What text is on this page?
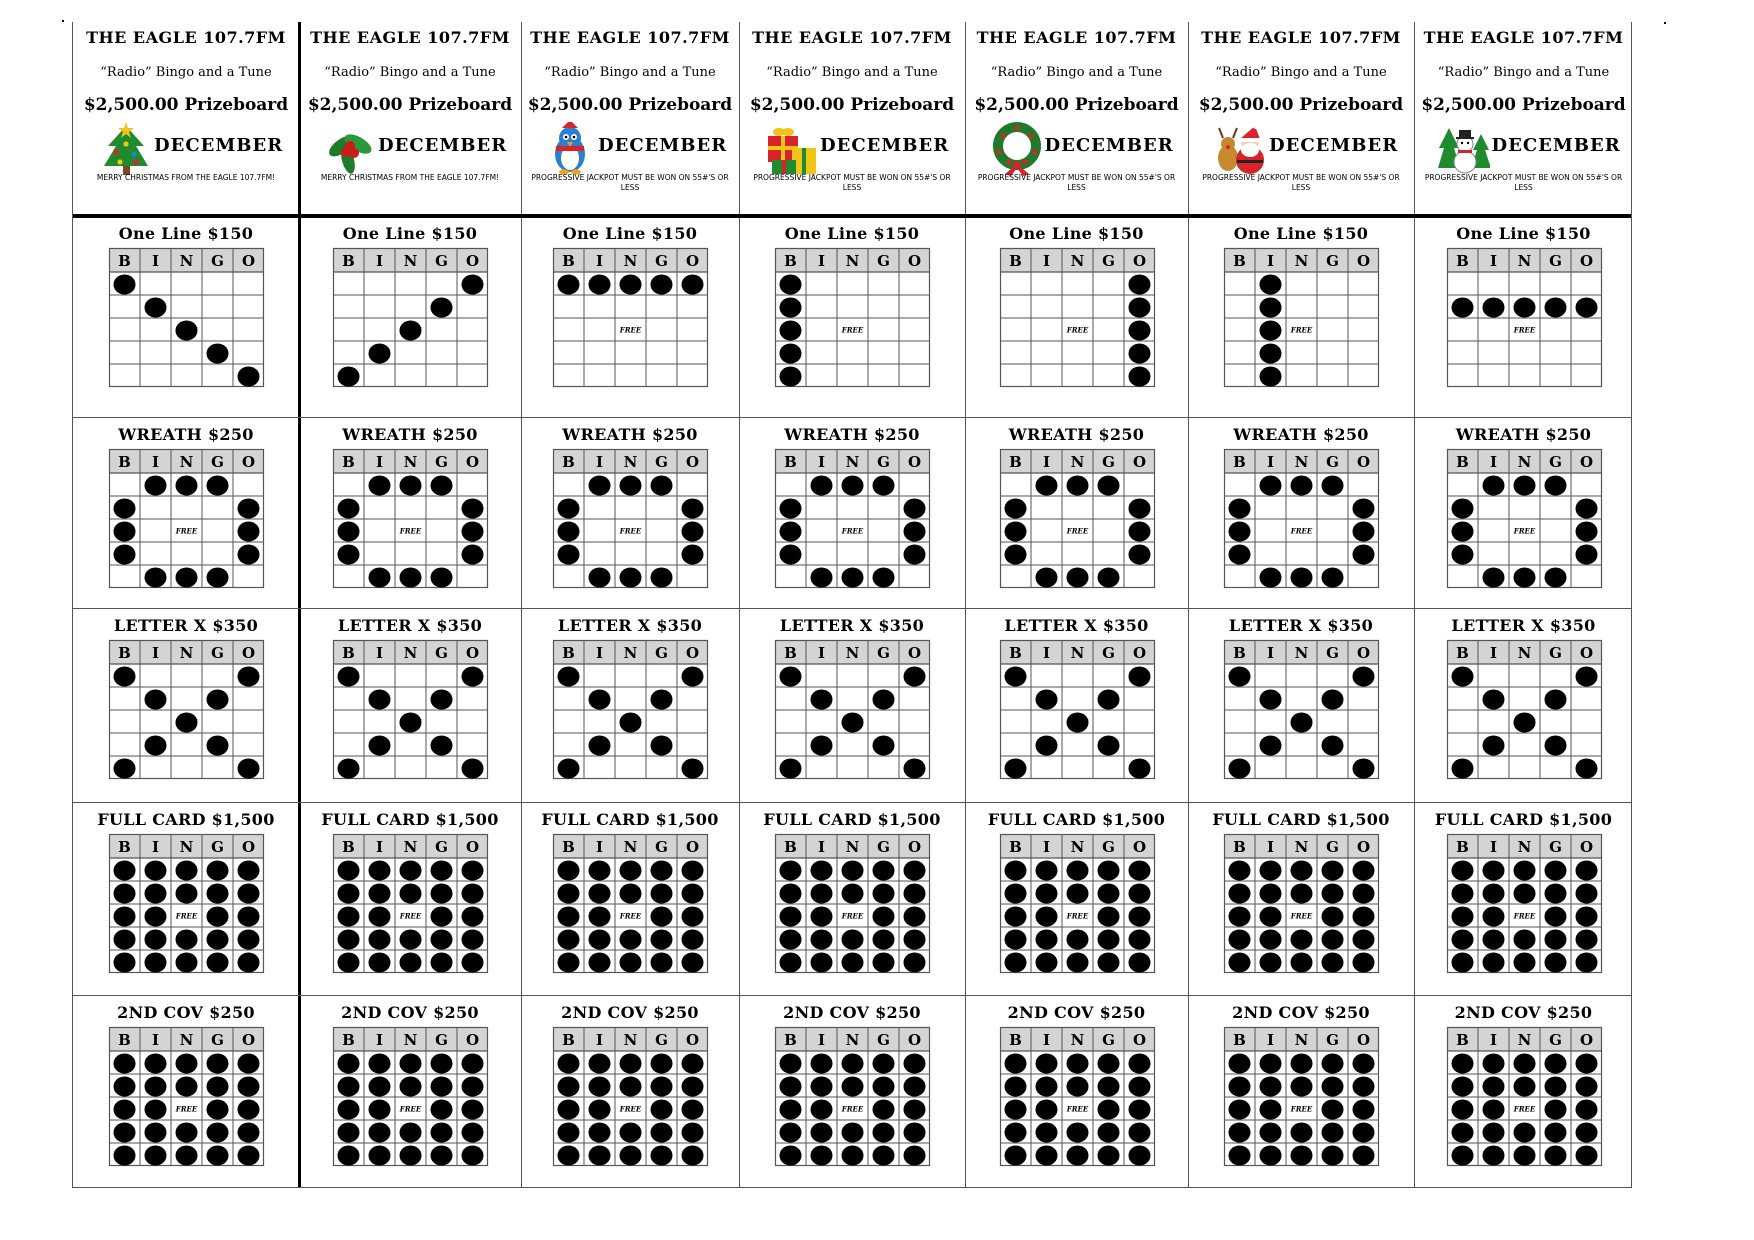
THE EAGLE 107.7FM
“Radio” Bingo and a Tune
$2,500.00 Prizeboard
DECEMBER
MERRY CHRISTMAS FROM THE EAGLE 107.7FM!
THE EAGLE 107.7FM
“Radio” Bingo and a Tune
$2,500.00 Prizeboard
DECEMBER
MERRY CHRISTMAS FROM THE EAGLE 107.7FM!
THE EAGLE 107.7FM
“Radio” Bingo and a Tune
$2,500.00 Prizeboard
DECEMBER
PROGRESSIVE JACKPOT MUST BE WON ON 55#'S OR LESS
THE EAGLE 107.7FM
“Radio” Bingo and a Tune
$2,500.00 Prizeboard
DECEMBER
PROGRESSIVE JACKPOT MUST BE WON ON 55#'S OR LESS
THE EAGLE 107.7FM
“Radio” Bingo and a Tune
$2,500.00 Prizeboard
DECEMBER
PROGRESSIVE JACKPOT MUST BE WON ON 55#'S OR LESS
THE EAGLE 107.7FM
“Radio” Bingo and a Tune
$2,500.00 Prizeboard
DECEMBER
PROGRESSIVE JACKPOT MUST BE WON ON 55#'S OR LESS
THE EAGLE 107.7FM
“Radio” Bingo and a Tune
$2,500.00 Prizeboard
DECEMBER
PROGRESSIVE JACKPOT MUST BE WON ON 55#'S OR LESS
One Line $150
B I N G O
One Line $150
B I N G O
One Line $150
B I N G O
FREE
One Line $150
B I N G O
FREE
One Line $150
B I N G O
FREE
One Line $150
B I N G O
FREE
One Line $150
B I N G O
FREE
WREATH $250
B I N G O
FREE
WREATH $250
B I N G O
FREE
WREATH $250
B I N G O
FREE
WREATH $250
B I N G O
FREE
WREATH $250
B I N G O
FREE
WREATH $250
B I N G O
FREE
WREATH $250
B I N G O
FREE
LETTER X $350
B I N G O
LETTER X $350
B I N G O
LETTER X $350
B I N G O
LETTER X $350
B I N G O
LETTER X $350
B I N G O
LETTER X $350
B I N G O
LETTER X $350
B I N G O
FULL CARD $1,500
B I N G O
FREE
FULL CARD $1,500
B I N G O
FREE
FULL CARD $1,500
B I N G O
FREE
FULL CARD $1,500
B I N G O
FREE
FULL CARD $1,500
B I N G O
FREE
FULL CARD $1,500
B I N G O
FREE
FULL CARD $1,500
B I N G O
FREE
2ND COV $250
B I N G O
FREE
2ND COV $250
B I N G O
FREE
2ND COV $250
B I N G O
FREE
2ND COV $250
B I N G O
FREE
2ND COV $250
B I N G O
FREE
2ND COV $250
B I N G O
FREE
2ND COV $250
B I N G O
FREE
